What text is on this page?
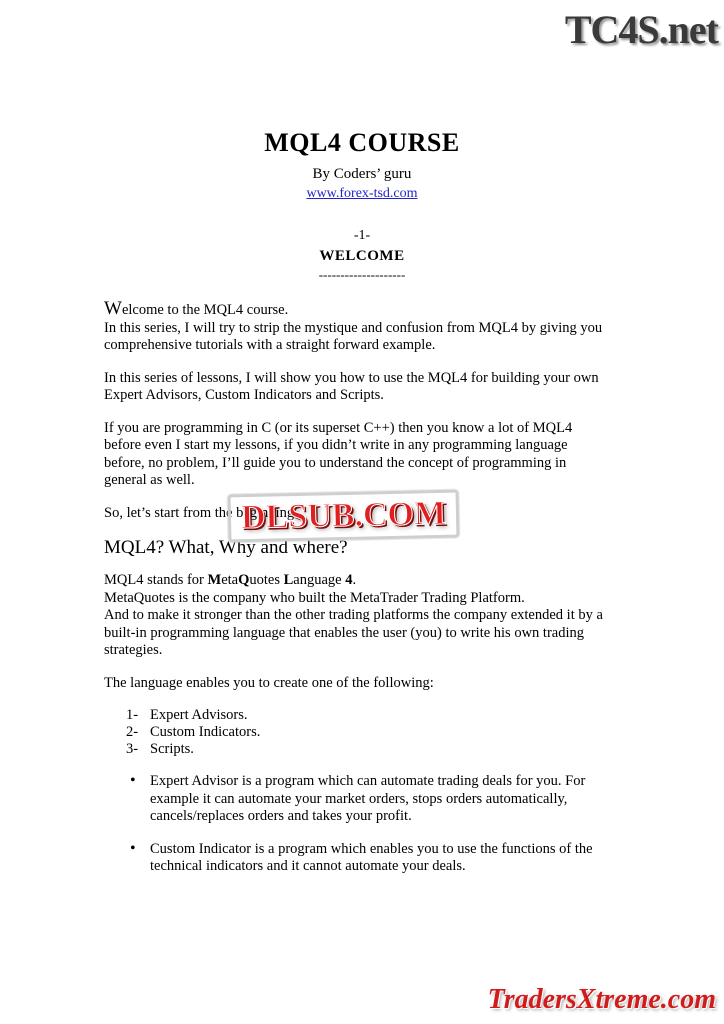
TC4S.net
MQL4 COURSE
By Coders’ guru
www.forex-tsd.com
-1-
WELCOME
--------------------

Welcome to the MQL4 course.
In this series, I will try to strip the mystique and confusion from MQL4 by giving you comprehensive tutorials with a straight forward example.

In this series of lessons, I will show you how to use the MQL4 for building your own Expert Advisors, Custom Indicators and Scripts.

If you are programming in C (or its superset C++) then you know a lot of MQL4 before even I start my lessons, if you didn’t write in any programming language before, no problem, I’ll guide you to understand the concept of programming in general as well.

So, let’s start from the beginning.

MQL4? What, Why and where?

MQL4 stands for MetaQuotes Language 4.
MetaQuotes is the company who built the MetaTrader Trading Platform.
And to make it stronger than the other trading platforms the company extended it by a built-in programming language that enables the user (you) to write his own trading strategies.

The language enables you to create one of the following:

1- Expert Advisors.
2- Custom Indicators.
3- Scripts.
• Expert Advisor is a program which can automate trading deals for you. For example it can automate your market orders, stops orders automatically, cancels/replaces orders and takes your profit.
• Custom Indicator is a program which enables you to use the functions of the technical indicators and it cannot automate your deals.
DLSUB.COM
TradersXtreme.com
